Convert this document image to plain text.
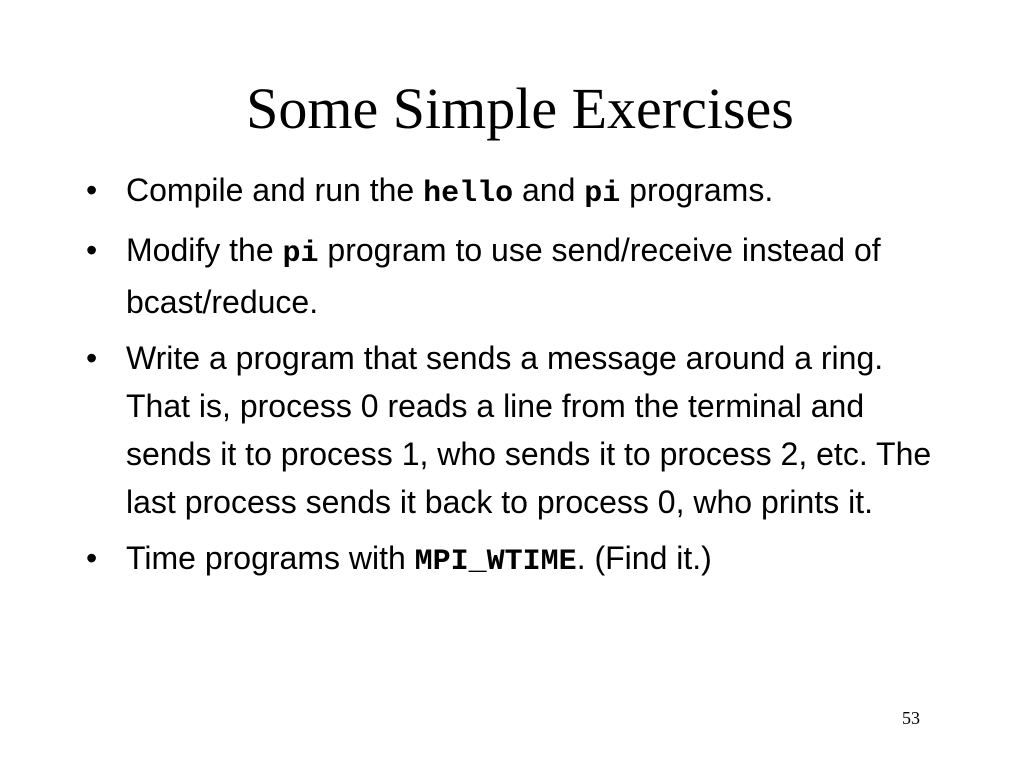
Some Simple Exercises
• Compile and run the hello and pi programs.
• Modify the pi program to use send/receive instead of bcast/reduce.
• Write a program that sends a message around a ring. That is, process 0 reads a line from the terminal and sends it to process 1, who sends it to process 2, etc. The last process sends it back to process 0, who prints it.
• Time programs with MPI_WTIME. (Find it.)
53
